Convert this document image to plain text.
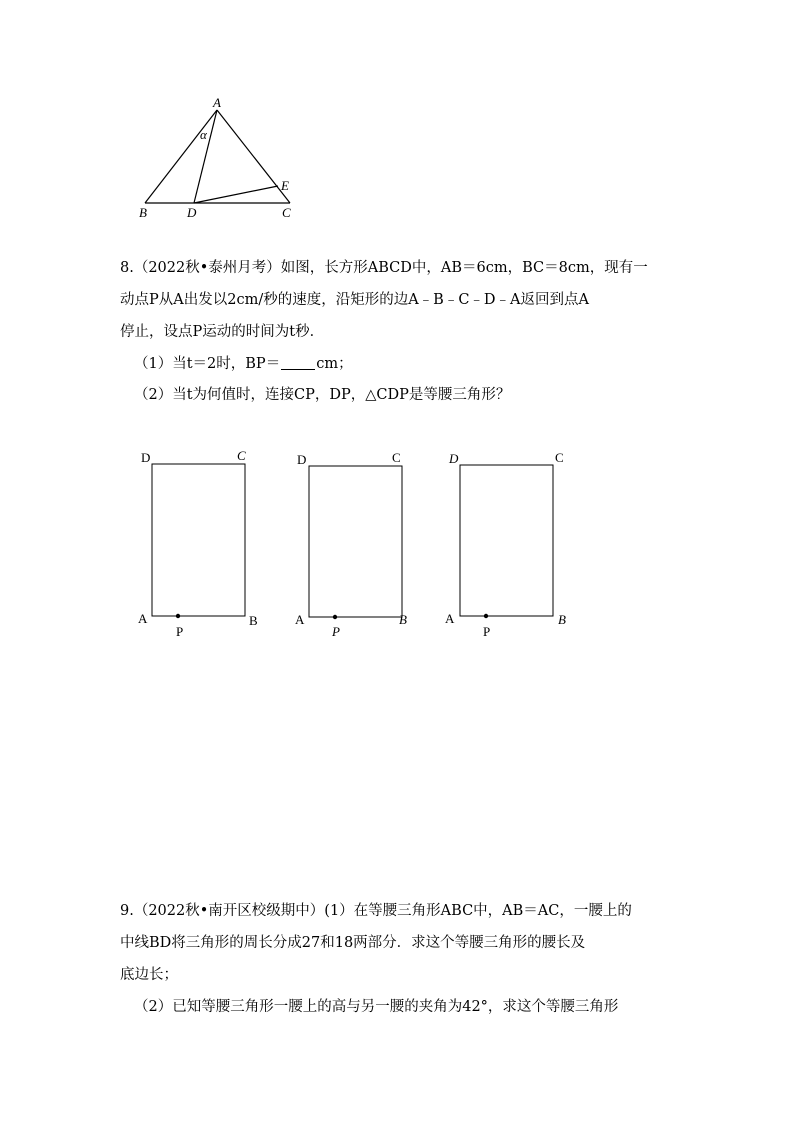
A
α
E
B	D	C
8.（2022秋•泰州月考）如图，长方形ABCD中，AB＝6cm，BC＝8cm，现有一
动点P从A出发以2cm/秒的速度，沿矩形的边A﹣B﹣C﹣D﹣A返回到点A
停止，设点P运动的时间为t秒．
（1）当t＝2时，BP＝ cm；
（2）当t为何值时，连接CP，DP，△CDP是等腰三角形？
D	C
A	B
P
D	C
A	B
P
D	C
A	B
P
9.（2022秋•南开区校级期中）(1）在等腰三角形ABC中，AB＝AC，一腰上的
中线BD将三角形的周长分成27和18两部分．求这个等腰三角形的腰长及
底边长；
（2）已知等腰三角形一腰上的高与另一腰的夹角为42°，求这个等腰三角形
